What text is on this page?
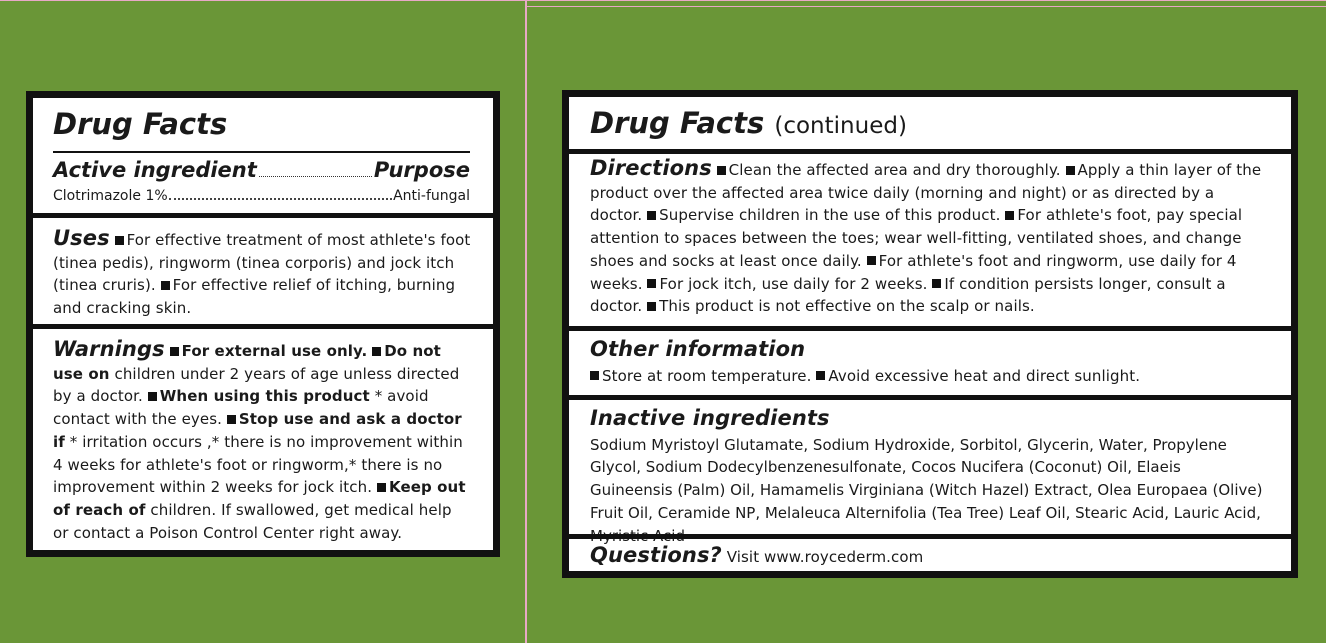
Drug Facts
Active ingredient	Purpose
Clotrimazole 1%	Anti-fungal
Uses For effective treatment of most athlete's foot (tinea pedis), ringworm (tinea corporis) and jock itch (tinea cruris). For effective relief of itching, burning and cracking skin.
Warnings For external use only. Do not use on children under 2 years of age unless directed by a doctor. When using this product * avoid contact with the eyes. Stop use and ask a doctor if * irritation occurs ,* there is no improvement within 4 weeks for athlete's foot or ringworm,* there is no improvement within 2 weeks for jock itch. Keep out of reach of children. If swallowed, get medical help or contact a Poison Control Center right away.
Drug Facts (continued)
Directions Clean the affected area and dry thoroughly. Apply a thin layer of the product over the affected area twice daily (morning and night) or as directed by a doctor. Supervise children in the use of this product. For athlete's foot, pay special attention to spaces between the toes; wear well-fitting, ventilated shoes, and change shoes and socks at least once daily. For athlete's foot and ringworm, use daily for 4 weeks. For jock itch, use daily for 2 weeks. If condition persists longer, consult a doctor. This product is not effective on the scalp or nails.
Other information
Store at room temperature. Avoid excessive heat and direct sunlight.
Inactive ingredients
Sodium Myristoyl Glutamate, Sodium Hydroxide, Sorbitol, Glycerin, Water, Propylene Glycol, Sodium Dodecylbenzenesulfonate, Cocos Nucifera (Coconut) Oil, Elaeis Guineensis (Palm) Oil, Hamamelis Virginiana (Witch Hazel) Extract, Olea Europaea (Olive) Fruit Oil, Ceramide NP, Melaleuca Alternifolia (Tea Tree) Leaf Oil, Stearic Acid, Lauric Acid,
Questions? Visit www.roycederm.com
